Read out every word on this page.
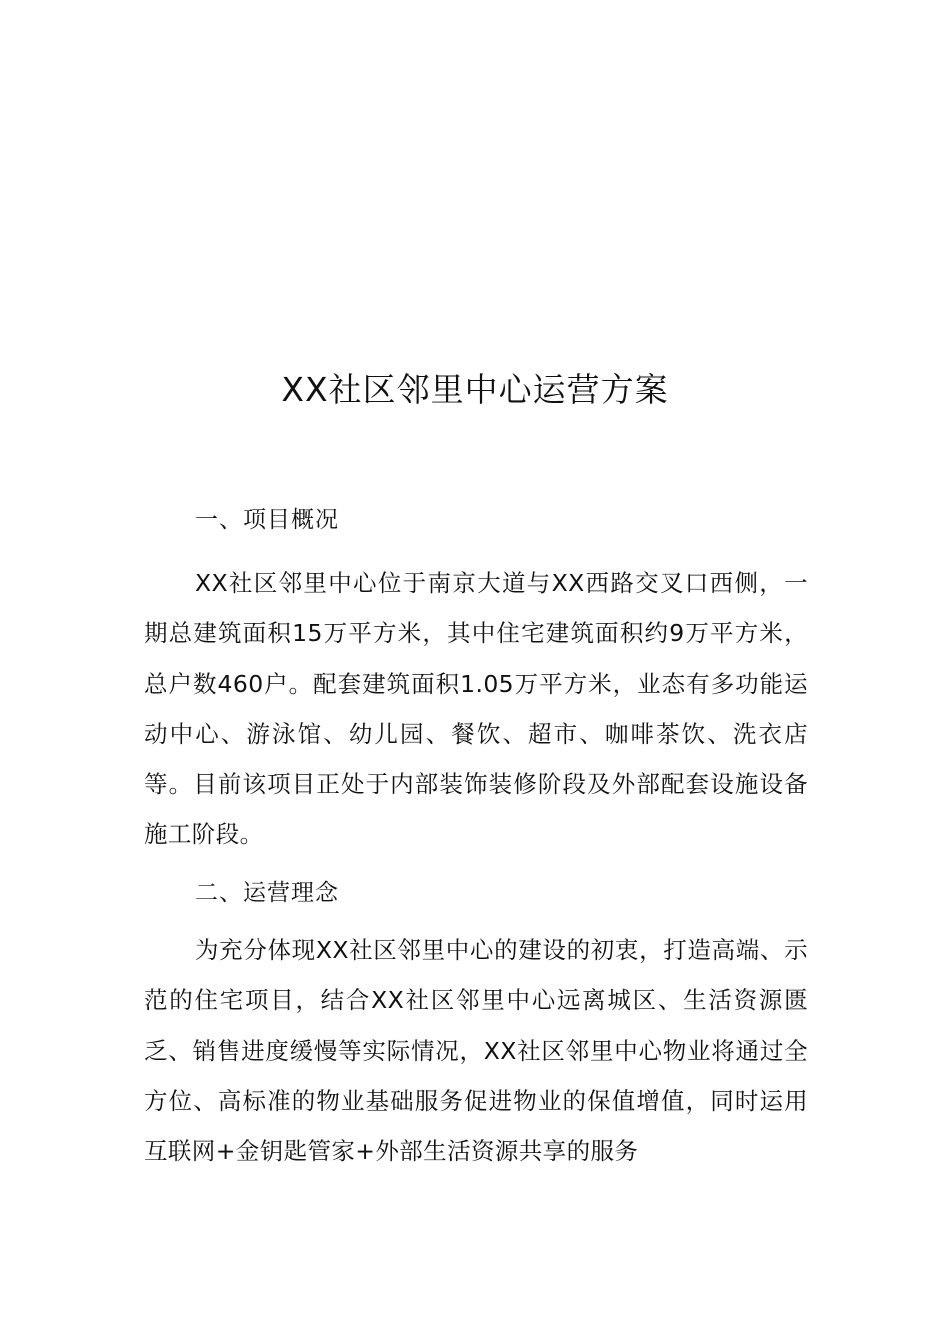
XX社区邻里中心运营方案
一、项目概况

XX社区邻里中心位于南京大道与XX西路交叉口西侧，一期总建筑面积15万平方米，其中住宅建筑面积约9万平方米，总户数460户。配套建筑面积1.05万平方米，业态有多功能运动中心、游泳馆、幼儿园、餐饮、超市、咖啡茶饮、洗衣店等。目前该项目正处于内部装饰装修阶段及外部配套设施设备施工阶段。

二、运营理念

为充分体现XX社区邻里中心的建设的初衷，打造高端、示范的住宅项目，结合XX社区邻里中心远离城区、生活资源匮乏、销售进度缓慢等实际情况，XX社区邻里中心物业将通过全方位、高标准的物业基础服务促进物业的保值增值，同时运用互联网+金钥匙管家+外部生活资源共享的服务
